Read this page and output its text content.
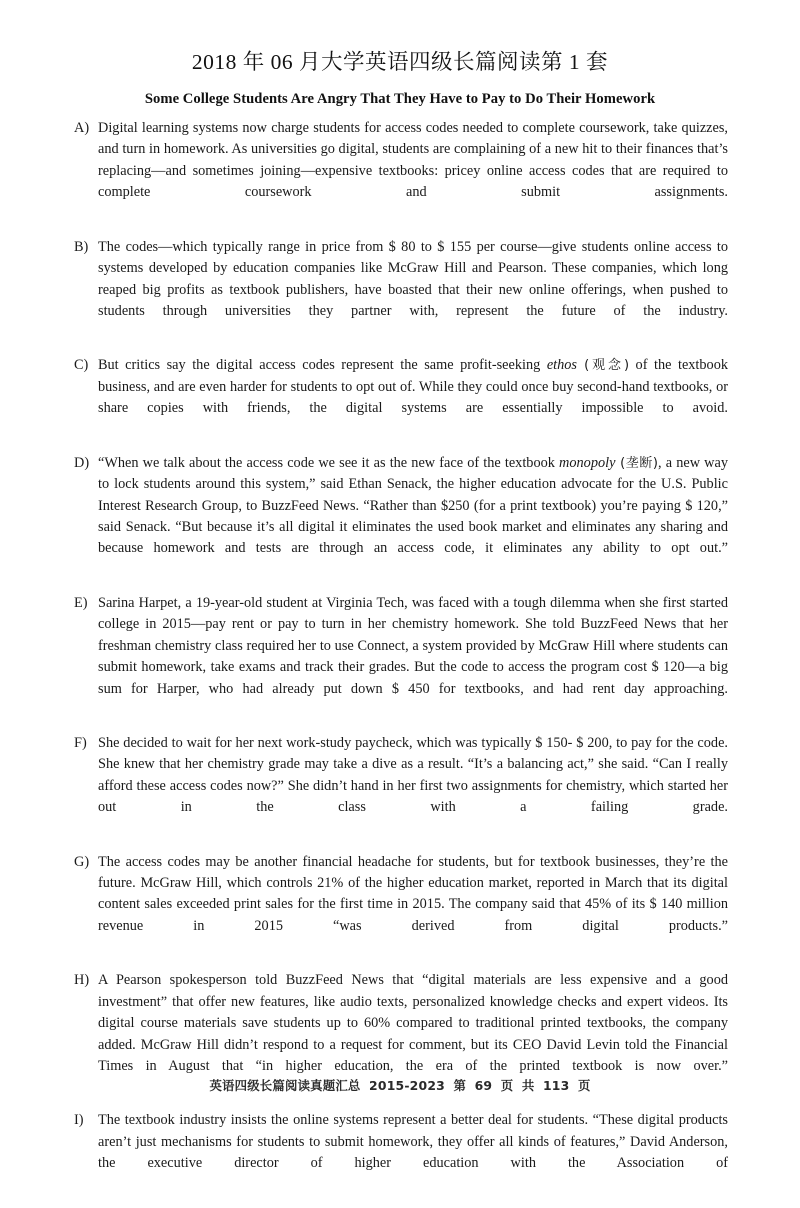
2018 年 06 月大学英语四级长篇阅读第 1 套
Some College Students Are Angry That They Have to Pay to Do Their Homework
A) Digital learning systems now charge students for access codes needed to complete coursework, take quizzes, and turn in homework. As universities go digital, students are complaining of a new hit to their finances that’s replacing—and sometimes joining—expensive textbooks: pricey online access codes that are required to complete coursework and submit assignments.
B) The codes—which typically range in price from $ 80 to $ 155 per course—give students online access to systems developed by education companies like McGraw Hill and Pearson. These companies, which long reaped big profits as textbook publishers, have boasted that their new online offerings, when pushed to students through universities they partner with, represent the future of the industry.
C) But critics say the digital access codes represent the same profit-seeking ethos (观念) of the textbook business, and are even harder for students to opt out of. While they could once buy second-hand textbooks, or share copies with friends, the digital systems are essentially impossible to avoid.
D) “When we talk about the access code we see it as the new face of the textbook monopoly (垄断), a new way to lock students around this system,” said Ethan Senack, the higher education advocate for the U.S. Public Interest Research Group, to BuzzFeed News. “Rather than $250 (for a print textbook) you’re paying $ 120,” said Senack. “But because it’s all digital it eliminates the used book market and eliminates any sharing and because homework and tests are through an access code, it eliminates any ability to opt out.”
E) Sarina Harpet, a 19-year-old student at Virginia Tech, was faced with a tough dilemma when she first started college in 2015—pay rent or pay to turn in her chemistry homework. She told BuzzFeed News that her freshman chemistry class required her to use Connect, a system provided by McGraw Hill where students can submit homework, take exams and track their grades. But the code to access the program cost $ 120—a big sum for Harper, who had already put down $ 450 for textbooks, and had rent day approaching.
F) She decided to wait for her next work-study paycheck, which was typically $ 150- $ 200, to pay for the code. She knew that her chemistry grade may take a dive as a result. “It’s a balancing act,” she said. “Can I really afford these access codes now?” She didn’t hand in her first two assignments for chemistry, which started her out in the class with a failing grade.
G) The access codes may be another financial headache for students, but for textbook businesses, they’re the future. McGraw Hill, which controls 21% of the higher education market, reported in March that its digital content sales exceeded print sales for the first time in 2015. The company said that 45% of its $ 140 million revenue in 2015 “was derived from digital products.”
H) A Pearson spokesperson told BuzzFeed News that “digital materials are less expensive and a good investment” that offer new features, like audio texts, personalized knowledge checks and expert videos. Its digital course materials save students up to 60% compared to traditional printed textbooks, the company added. McGraw Hill didn’t respond to a request for comment, but its CEO David Levin told the Financial Times in August that “in higher education, the era of the printed textbook is now over.”
I)	The textbook industry insists the online systems represent a better deal for students. “These digital products aren’t just mechanisms for students to submit homework, they offer all kinds of features,” David Anderson, the executive director of higher education with the Association of
英语四级长篇阅读真题汇总 2015-2023 第 69 页 共 113 页
